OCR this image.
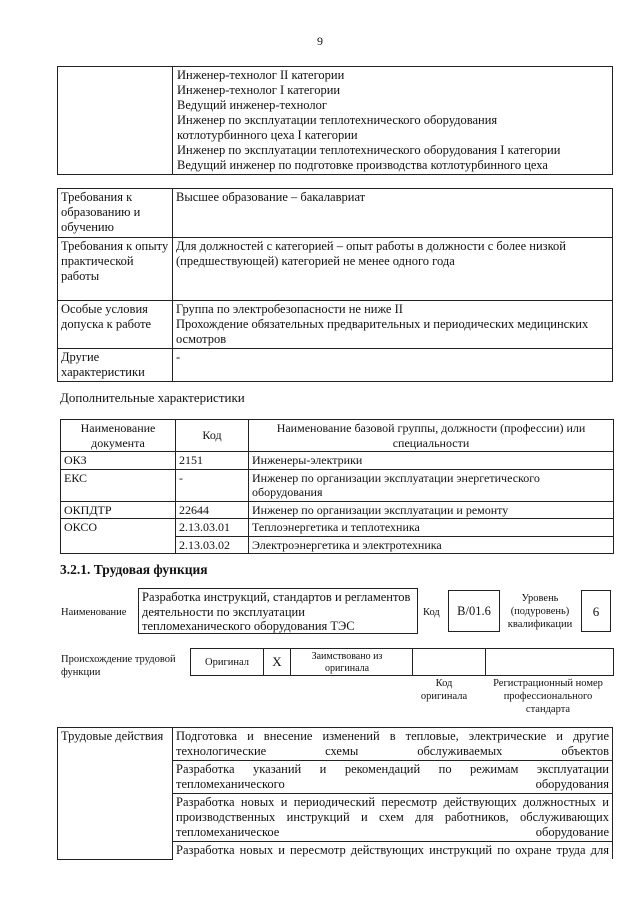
9

Инженер-технолог II категории
Инженер-технолог I категории
Ведущий инженер-технолог
Инженер по эксплуатации теплотехнического оборудования
котлотурбинного цеха I категории
Инженер по эксплуатации теплотехнического оборудования I категории
Ведущий инженер по подготовке производства котлотурбинного цеха
Требования к образованию и обучению	Высшее образование – бакалавриат
Требования к опыту практической работы	Для должностей с категорией – опыт работы в должности с более низкой (предшествующей) категорией не менее одного года
Особые условия допуска к работе	Группа по электробезопасности не ниже II
Прохождение обязательных предварительных и периодических медицинских осмотров

Другие характеристики	-
Дополнительные характеристики
Наименование документа	Код	Наименование базовой группы, должности (профессии) или специальности
ОКЗ	2151	Инженеры-электрики
ЕКС	-	Инженер по организации эксплуатации энергетического оборудования
ОКПДТР	22644	Инженер по организации эксплуатации и ремонту
ОКСО	2.13.03.01	Теплоэнергетика и теплотехника
	2.13.03.02	Электроэнергетика и электротехника
3.2.1. Трудовая функция
Наименование
Разработка инструкций, стандартов и регламентов деятельности по эксплуатации тепломеханического оборудования ТЭС
Код	В/01.6
Уровень (подуровень) квалификации
6
Происхождение трудовой функции
Оригинал	X	Заимствовано из оригинала
Код оригинала
Регистрационный номер профессионального стандарта
Трудовые действия	Подготовка и внесение изменений в тепловые, электрические и другие технологические схемы обслуживаемых объектов
Разработка указаний и рекомендаций по режимам эксплуатации тепломеханического оборудования
Разработка новых и периодический пересмотр действующих должностных и производственных инструкций и схем для работников, обслуживающих тепломеханическое оборудование
Разработка новых и пересмотр действующих инструкций по охране труда для
